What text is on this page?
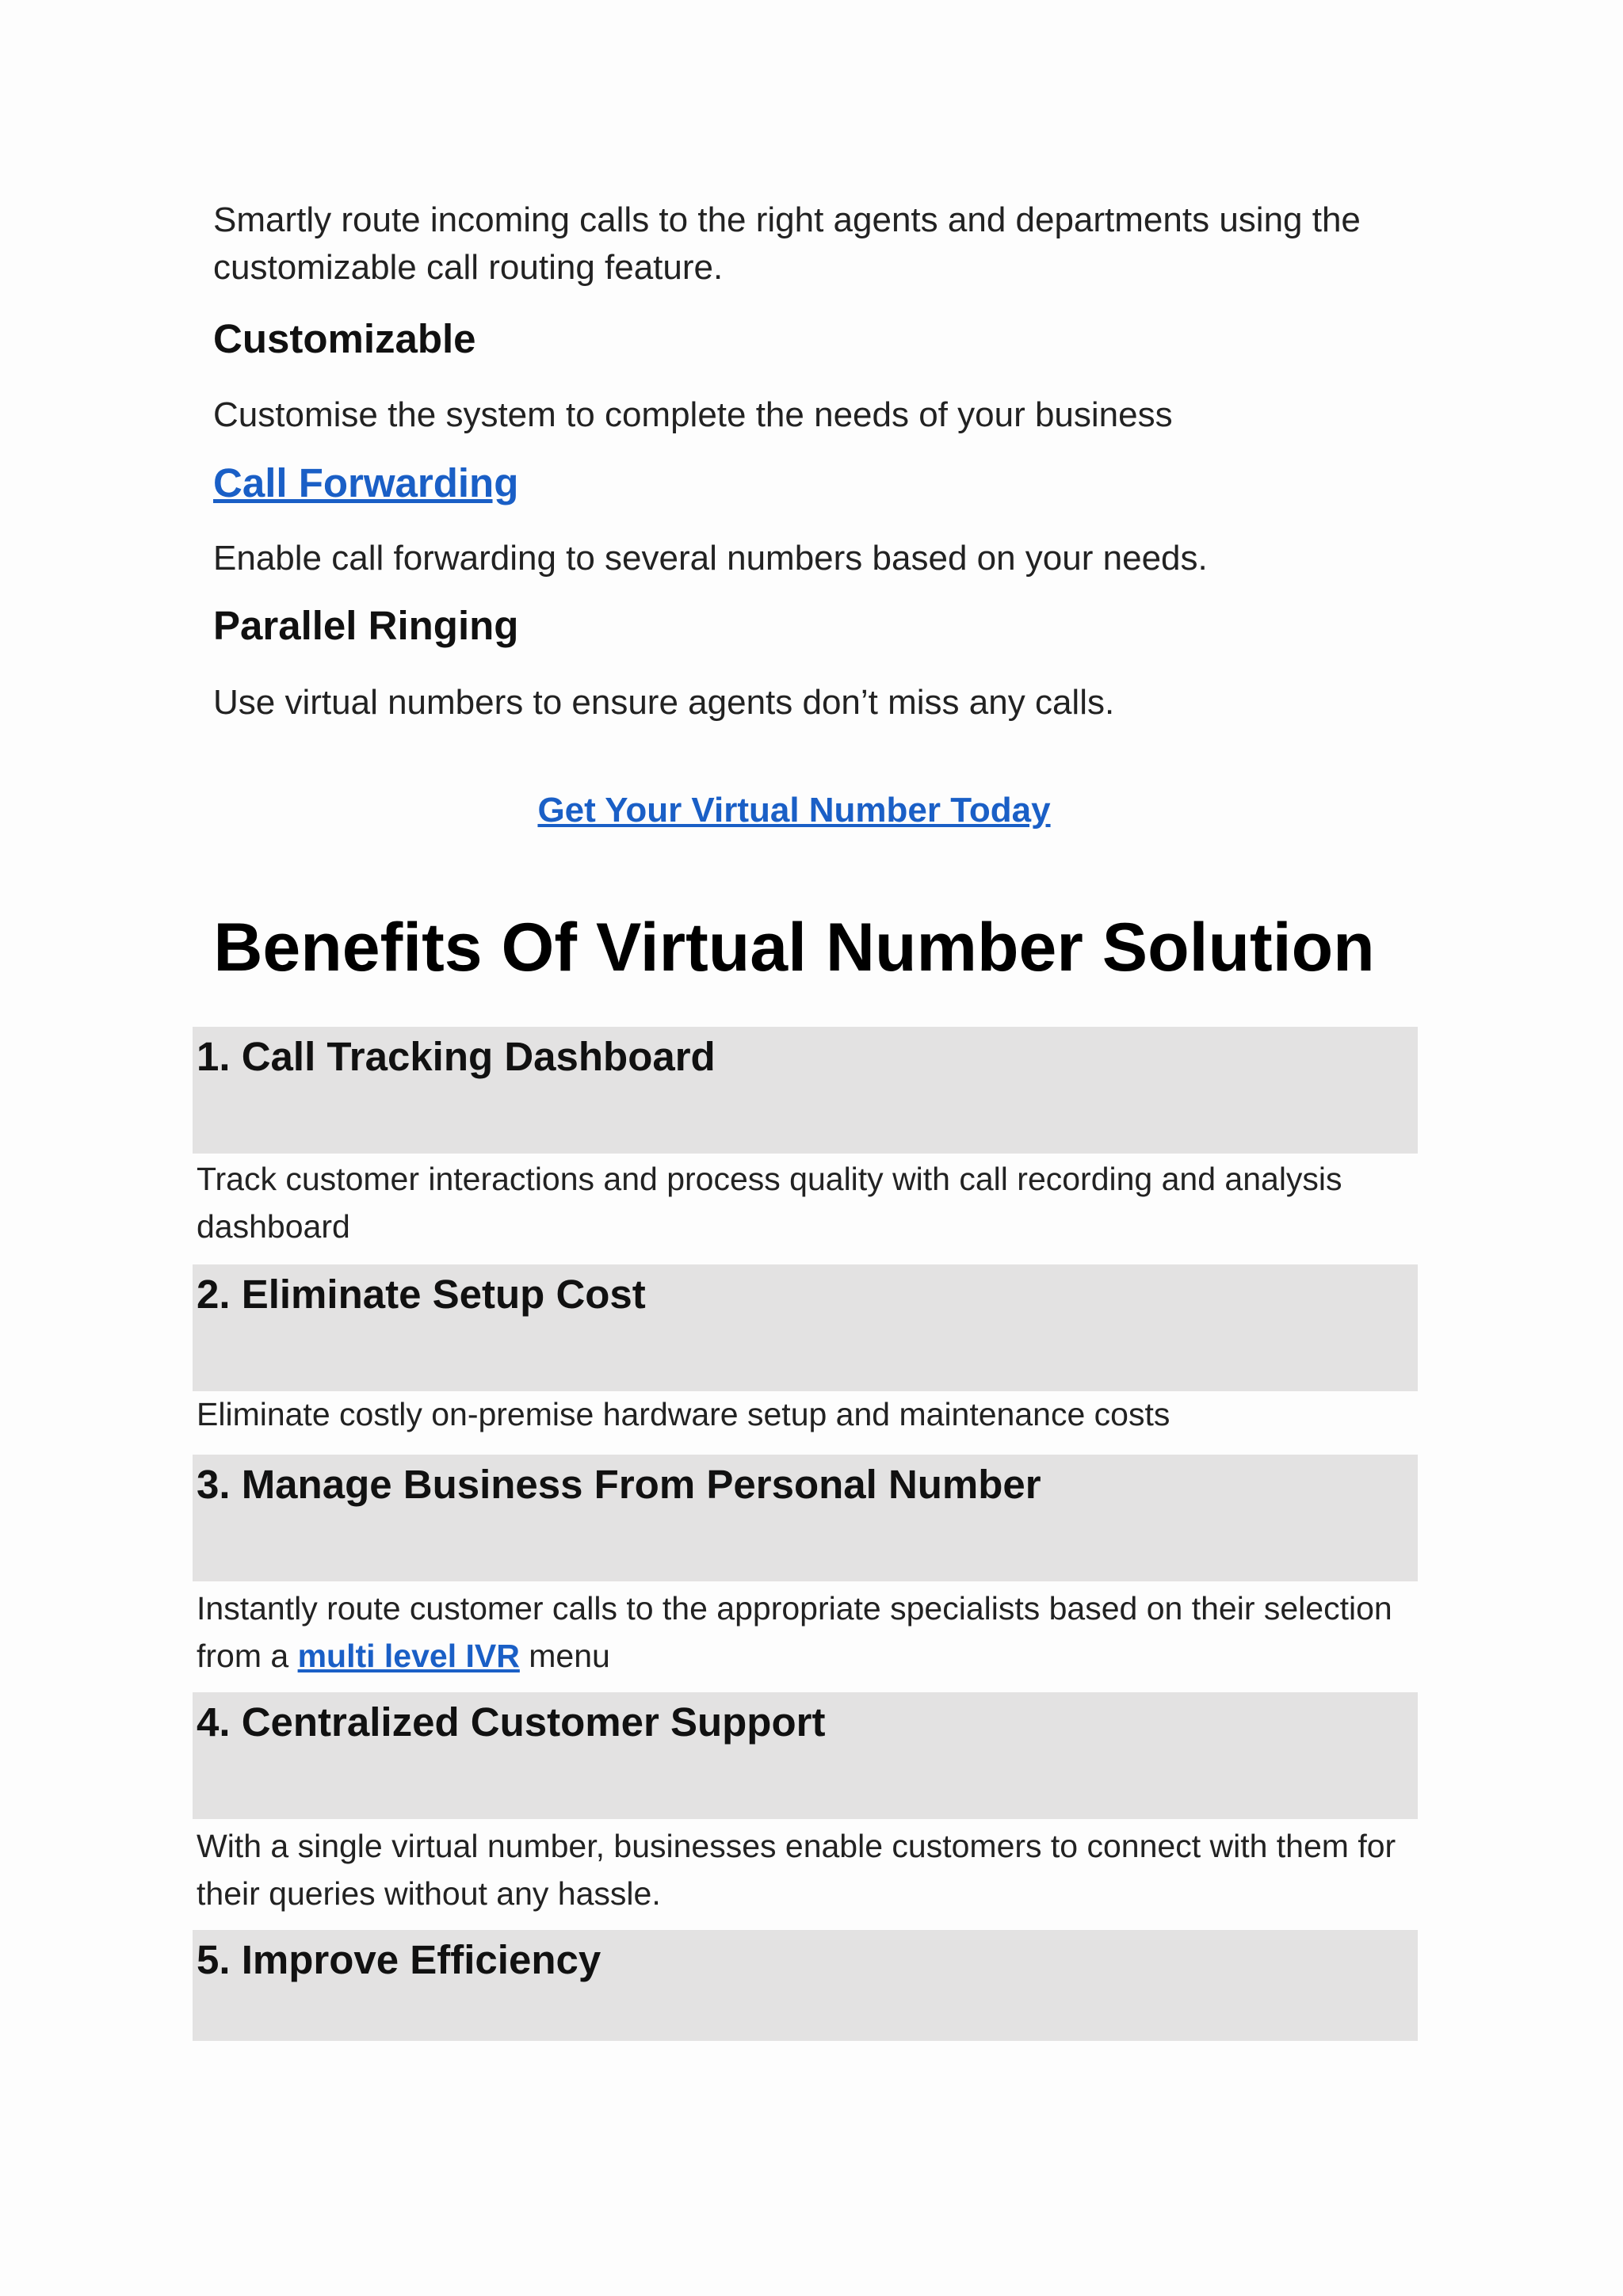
Smartly route incoming calls to the right agents and departments using the customizable call routing feature.

Customizable

Customise the system to complete the needs of your business

Call Forwarding

Enable call forwarding to several numbers based on your needs.

Parallel Ringing

Use virtual numbers to ensure agents don’t miss any calls.

Get Your Virtual Number Today
Benefits Of Virtual Number Solution
1. Call Tracking Dashboard

Track customer interactions and process quality with call recording and analysis dashboard

2. Eliminate Setup Cost

Eliminate costly on-premise hardware setup and maintenance costs

3. Manage Business From Personal Number

Instantly route customer calls to the appropriate specialists based on their selection from a multi level IVR menu

4. Centralized Customer Support

With a single virtual number, businesses enable customers to connect with them for their queries without any hassle.

5. Improve Efficiency
